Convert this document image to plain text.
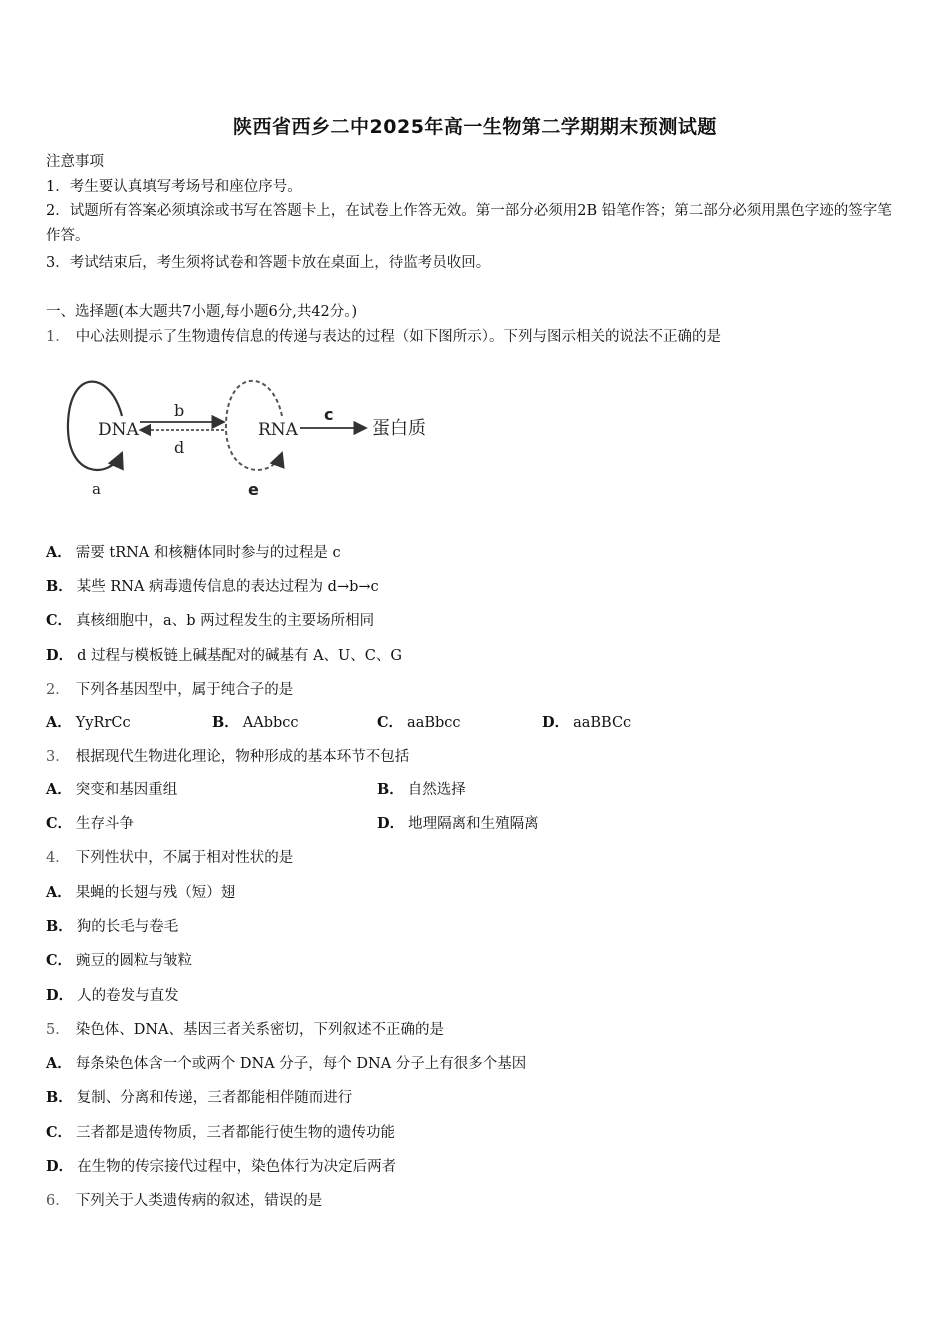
陕西省西乡二中2025年高一生物第二学期期末预测试题
注意事项
1．考生要认真填写考场号和座位序号。
2．试题所有答案必须填涂或书写在答题卡上，在试卷上作答无效。第一部分必须用2B 铅笔作答；第二部分必须用黑色字迹的签字笔作答。
3．考试结束后，考生须将试卷和答题卡放在桌面上，待监考员收回。
一、选择题(本大题共7小题,每小题6分,共42分。)
1． 中心法则提示了生物遗传信息的传递与表达的过程（如下图所示）。下列与图示相关的说法不正确的是
DNA
b
d
RNA
c
蛋白质
a	e
A． 需要 tRNA 和核糖体同时参与的过程是 c
B． 某些 RNA 病毒遗传信息的表达过程为 d→b→c
C． 真核细胞中，a、b 两过程发生的主要场所相同
D． d 过程与模板链上碱基配对的碱基有 A、U、C、G
2． 下列各基因型中，属于纯合子的是
A． YyRrCc	B． AAbbcc	C． aaBbcc	D． aaBBCc
3． 根据现代生物进化理论，物种形成的基本环节不包括
A． 突变和基因重组	B． 自然选择
C． 生存斗争	D． 地理隔离和生殖隔离
4． 下列性状中，不属于相对性状的是
A． 果蝇的长翅与残（短）翅
B． 狗的长毛与卷毛
C． 豌豆的圆粒与皱粒
D． 人的卷发与直发
5． 染色体、DNA、基因三者关系密切，下列叙述不正确的是
A． 每条染色体含一个或两个 DNA 分子，每个 DNA 分子上有很多个基因
B． 复制、分离和传递，三者都能相伴随而进行
C． 三者都是遗传物质，三者都能行使生物的遗传功能
D． 在生物的传宗接代过程中，染色体行为决定后两者
6． 下列关于人类遗传病的叙述，错误的是
